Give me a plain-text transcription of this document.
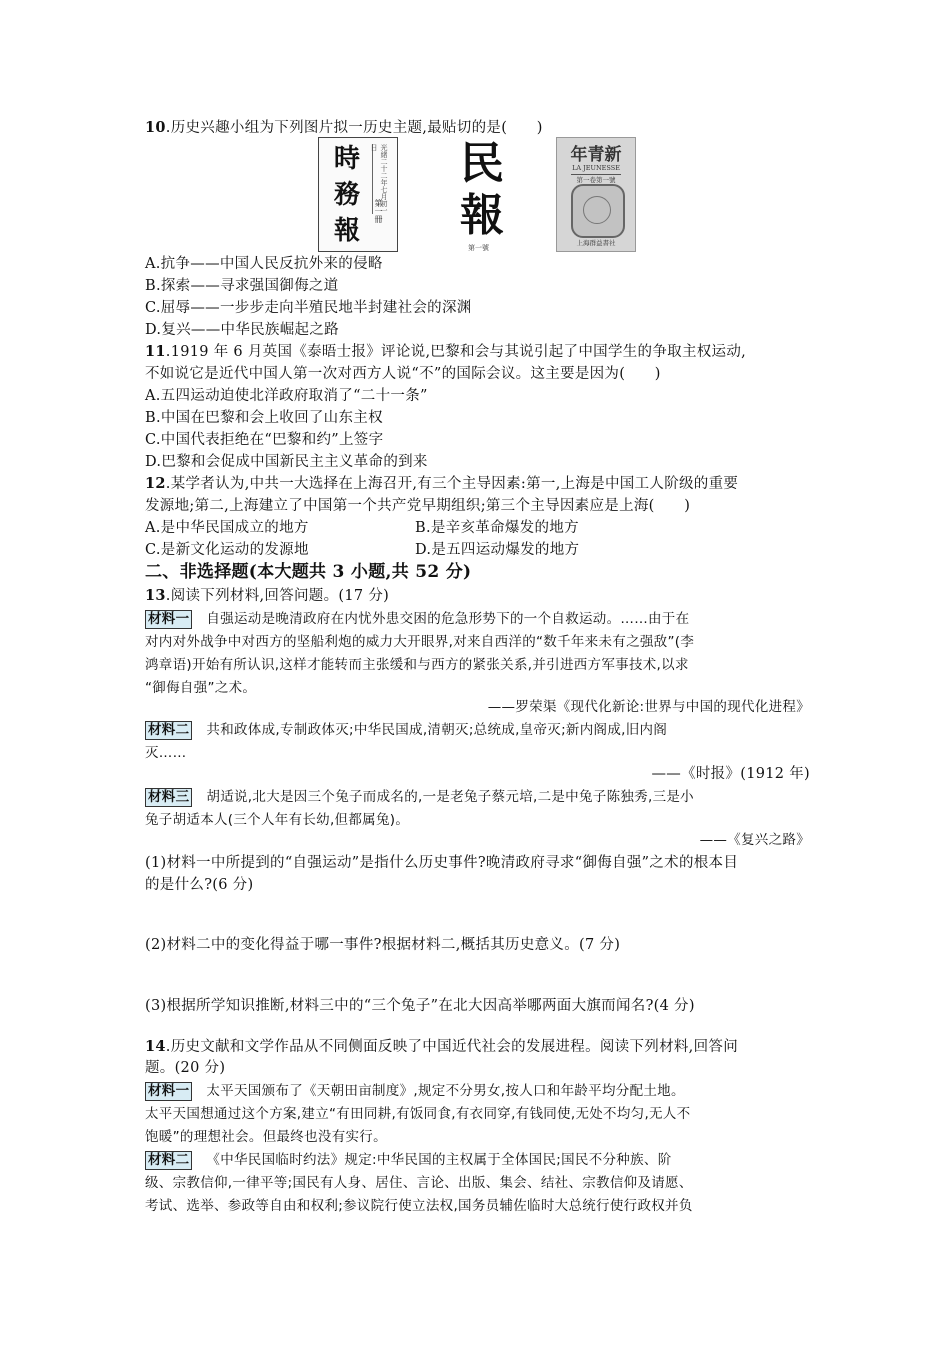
10.历史兴趣小组为下列图片拟一历史主题,最贴切的是(　　)
時
務
報
光緒二十二年七月初一日
第一冊
民
報
第一號
年青新
LA JEUNESSE
第一卷第一號
上海群益書社
A.抗争——中国人民反抗外来的侵略
B.探索——寻求强国御侮之道
C.屈辱——一步步走向半殖民地半封建社会的深渊
D.复兴——中华民族崛起之路
11.1919 年 6 月英国《泰晤士报》评论说,巴黎和会与其说引起了中国学生的争取主权运动,
不如说它是近代中国人第一次对西方人说“不”的国际会议。这主要是因为(　　)
A.五四运动迫使北洋政府取消了“二十一条”
B.中国在巴黎和会上收回了山东主权
C.中国代表拒绝在“巴黎和约”上签字
D.巴黎和会促成中国新民主主义革命的到来
12.某学者认为,中共一大选择在上海召开,有三个主导因素:第一,上海是中国工人阶级的重要
发源地;第二,上海建立了中国第一个共产党早期组织;第三个主导因素应是上海(　　)
A.是中华民国成立的地方	B.是辛亥革命爆发的地方
C.是新文化运动的发源地	D.是五四运动爆发的地方
二、非选择题(本大题共 3 小题,共 52 分)
13.阅读下列材料,回答问题。(17 分)
材料一 自强运动是晚清政府在内忧外患交困的危急形势下的一个自救运动。……由于在
对内对外战争中对西方的坚船利炮的威力大开眼界,对来自西洋的“数千年来未有之强敌”(李
鸿章语)开始有所认识,这样才能转而主张缓和与西方的紧张关系,并引进西方军事技术,以求
“御侮自强”之术。
——罗荣渠《现代化新论:世界与中国的现代化进程》
材料二 共和政体成,专制政体灭;中华民国成,清朝灭;总统成,皇帝灭;新内阁成,旧内阁
灭……
——《时报》(1912 年)
材料三 胡适说,北大是因三个兔子而成名的,一是老兔子蔡元培,二是中兔子陈独秀,三是小
兔子胡适本人(三个人年有长幼,但都属兔)。
——《复兴之路》
(1)材料一中所提到的“自强运动”是指什么历史事件?晚清政府寻求“御侮自强”之术的根本目
的是什么?(6 分)
(2)材料二中的变化得益于哪一事件?根据材料二,概括其历史意义。(7 分)
(3)根据所学知识推断,材料三中的“三个兔子”在北大因高举哪两面大旗而闻名?(4 分)
14.历史文献和文学作品从不同侧面反映了中国近代社会的发展进程。阅读下列材料,回答问
题。(20 分)
材料一 太平天国颁布了《天朝田亩制度》,规定不分男女,按人口和年龄平均分配土地。
太平天国想通过这个方案,建立“有田同耕,有饭同食,有衣同穿,有钱同使,无处不均匀,无人不
饱暖”的理想社会。但最终也没有实行。
材料二 《中华民国临时约法》规定:中华民国的主权属于全体国民;国民不分种族、阶
级、宗教信仰,一律平等;国民有人身、居住、言论、出版、集会、结社、宗教信仰及请愿、
考试、选举、参政等自由和权利;参议院行使立法权,国务员辅佐临时大总统行使行政权并负
